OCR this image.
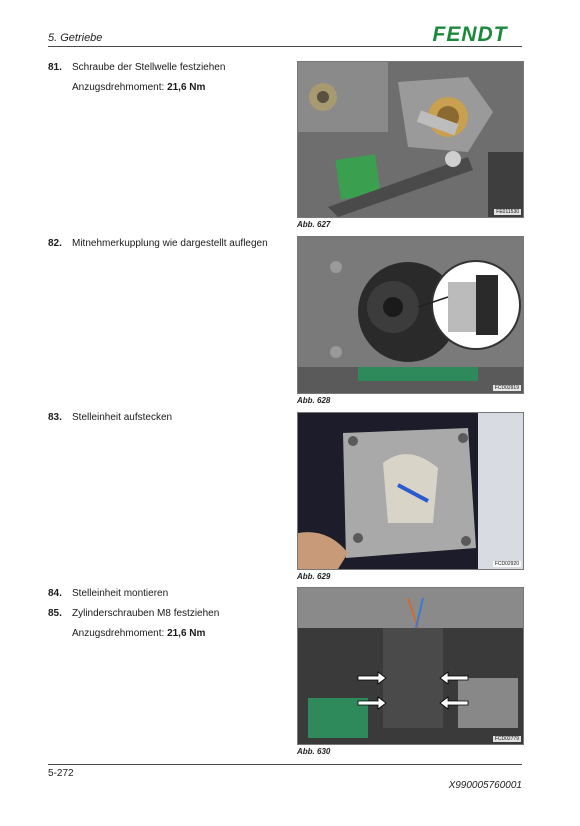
5. Getriebe	FENDT
81. Schraube der Stellwelle festziehen
Anzugsdrehmoment: 21,6 Nm
FE011530
Abb. 627
82. Mitnehmerkupplung wie dargestellt auflegen
FCD02919
Abb. 628
83. Stelleinheit aufstecken
FCD02920
Abb. 629
84. Stelleinheit montieren
85. Zylinderschrauben M8 festziehen
Anzugsdrehmoment: 21,6 Nm
FCD02779
Abb. 630
5-272
X990005760001
